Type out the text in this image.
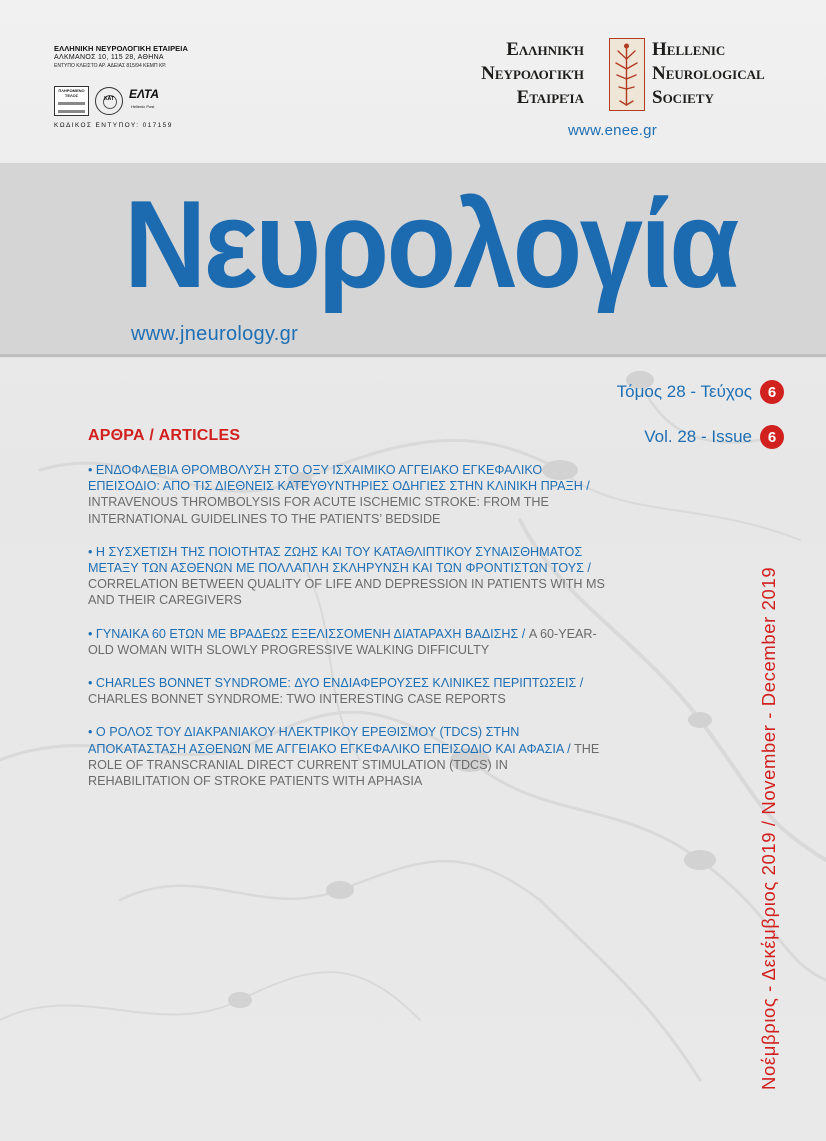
ΕΛΛΗΝΙΚΗ ΝΕΥΡΟΛΟΓΙΚΗ ΕΤΑΙΡΕΙΑ
ΑΛΚΜΑΝΟΣ 10, 115 28, ΑΘΗΝΑ
ΕΝΤΥΠΟ ΚΛΕΙΣΤΟ ΑΡ. ΑΔΕΙΑΣ 815/94 ΚΕΜΠ ΚΡ.
ΠΛΗΡΩΜΕΝΟ ΤΕΛΟΣ
ΚΑΤ	ΕΛΤΑ
Hellenic Post
ΚΩΔΙΚΟΣ ΕΝΤΥΠΟΥ: 017159
Ελληνική
Νευρολογική
Εταιρεία
Hellenic
Neurological
Society
www.enee.gr
Νευρολογία
www.jneurology.gr
Τόμος 28 - Τεύχος	6
Vol. 28 - Issue	6
ΑΡΘΡΑ / ARTICLES
• ΕΝΔΟΦΛΕΒΙΑ ΘΡΟΜΒΟΛΥΣΗ ΣΤΟ ΟΞΥ ΙΣΧΑΙΜΙΚΟ ΑΓΓΕΙΑΚΟ ΕΓΚΕΦΑΛΙΚΟ ΕΠΕΙΣΟΔΙΟ: ΑΠΟ ΤΙΣ ΔΙΕΘΝΕΙΣ ΚΑΤΕΥΘΥΝΤΗΡΙΕΣ ΟΔΗΓΙΕΣ ΣΤΗΝ ΚΛΙΝΙΚΗ ΠΡΑΞΗ / INTRAVENOUS THROMBOLYSIS FOR ACUTE ISCHEMIC STROKE: FROM THE INTERNATIONAL GUIDELINES TO THE PATIENTS’ BEDSIDE
• Η ΣΥΣΧΕΤΙΣΗ ΤΗΣ ΠΟΙΟΤΗΤΑΣ ΖΩΗΣ ΚΑΙ ΤΟΥ ΚΑΤΑΘΛΙΠΤΙΚΟΥ ΣΥΝΑΙΣΘΗΜΑΤΟΣ ΜΕΤΑΞΥ ΤΩΝ ΑΣΘΕΝΩΝ ΜΕ ΠΟΛΛΑΠΛΗ ΣΚΛΗΡΥΝΣΗ ΚΑΙ ΤΩΝ ΦΡΟΝΤΙΣΤΩΝ ΤΟΥΣ / CORRELATION BETWEEN QUALITY OF LIFE AND DEPRESSION IN PATIENTS WITH MS AND THEIR CAREGIVERS
• ΓΥΝΑΙΚΑ 60 ΕΤΩΝ ΜΕ ΒΡΑΔΕΩΣ ΕΞΕΛΙΣΣΟΜΕΝΗ ΔΙΑΤΑΡΑΧΗ ΒΑΔΙΣΗΣ / A 60-YEAR-OLD WOMAN WITH SLOWLY PROGRESSIVE WALKING DIFFICULTY
• CHARLES BONNET SYNDROME: ΔΥΟ ΕΝΔΙΑΦΕΡΟΥΣΕΣ ΚΛΙΝΙΚΕΣ ΠΕΡΙΠΤΩΣΕΙΣ / CHARLES BONNET SYNDROME: TWO INTERESTING CASE REPORTS
• Ο ΡΟΛΟΣ ΤΟΥ ΔΙΑΚΡΑΝΙΑΚΟΥ ΗΛΕΚΤΡΙΚΟΥ ΕΡΕΘΙΣΜΟΥ (TDCS) ΣΤΗΝ ΑΠΟΚΑΤΑΣΤΑΣΗ ΑΣΘΕΝΩΝ ΜΕ ΑΓΓΕΙΑΚΟ ΕΓΚΕΦΑΛΙΚΟ ΕΠΕΙΣΟΔΙΟ ΚΑΙ ΑΦΑΣΙΑ / THE ROLE OF TRANSCRANIAL DIRECT CURRENT STIMULATION (TDCS) IN REHABILITATION OF STROKE PATIENTS WITH APHASIA	Νοέμβριος - Δεκέμβριος 2019 / November - December 2019
